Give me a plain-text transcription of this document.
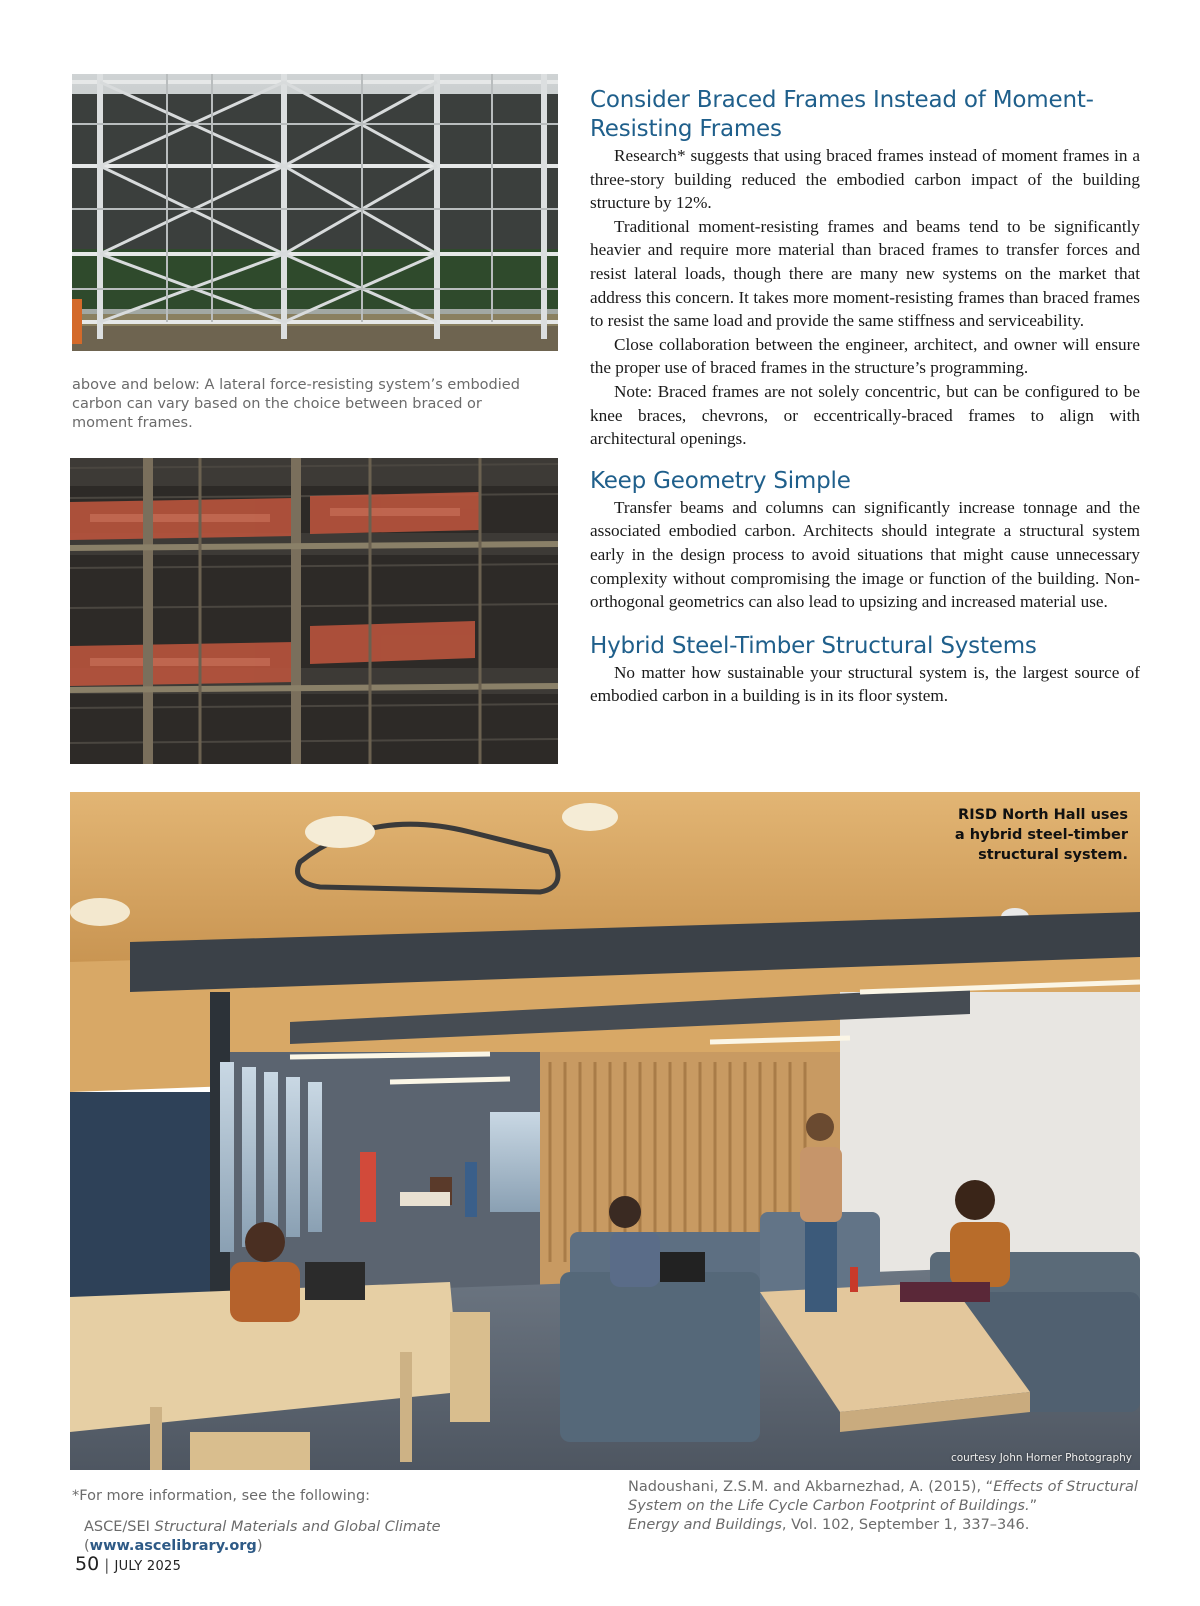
above and below: A lateral force-resisting system’s embodied carbon can vary based on the choice between braced or moment frames.
Consider Braced Frames Instead of Moment-
Resisting Frames

Research* suggests that using braced frames instead of moment frames in a three-story building reduced the embodied carbon impact of the building structure by 12%.

Traditional moment-resisting frames and beams tend to be significantly heavier and require more material than braced frames to transfer forces and resist lateral loads, though there are many new systems on the market that address this concern. It takes more moment-resisting frames than braced frames to resist the same load and provide the same stiffness and serviceability.

Close collaboration between the engineer, architect, and owner will ensure the proper use of braced frames in the structure’s programming.

Note: Braced frames are not solely concentric, but can be configured to be knee braces, chevrons, or eccentrically-braced frames to align with architectural openings.

Keep Geometry Simple

Transfer beams and columns can significantly increase tonnage and the associated embodied carbon. Architects should integrate a structural system early in the design process to avoid situations that might cause unnecessary complexity without compromising the image or function of the building. Non-orthogonal geometrics can also lead to upsizing and increased material use.

Hybrid Steel-Timber Structural Systems

No matter how sustainable your structural system is, the largest source of embodied carbon in a building is in its floor system.

RISD North Hall uses
a hybrid steel-timber
structural system.
courtesy John Horner Photography
*For more information, see the following:
ASCE/SEI Structural Materials and Global Climate (www.ascelibrary.org)
Nadoushani, Z.S.M. and Akbarnezhad, A. (2015), “Effects of Structural System on the Life Cycle Carbon Footprint of Buildings.”
Energy and Buildings, Vol. 102, September 1, 337–346.
50 | JULY 2025
